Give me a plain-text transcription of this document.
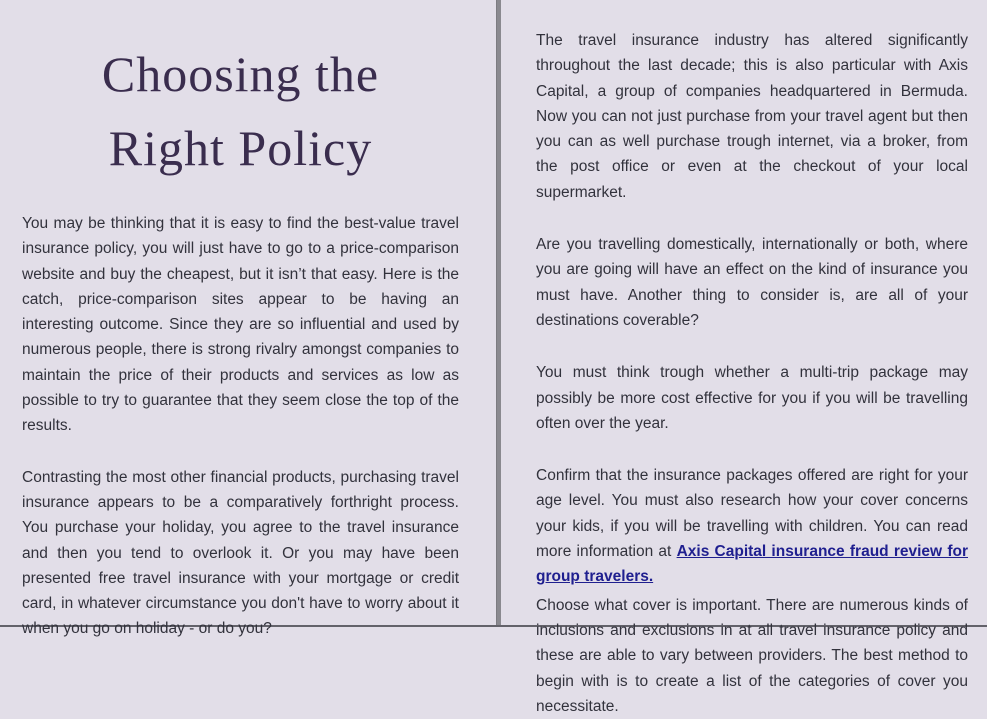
Choosing the
Right Policy

You may be thinking that it is easy to find the best-value travel insurance policy, you will just have to go to a price-comparison website and buy the cheapest, but it isn’t that easy. Here is the catch, price-comparison sites appear to be having an interesting outcome. Since they are so influential and used by numerous people, there is strong rivalry amongst companies to maintain the price of their products and services as low as possible to try to guarantee that they seem close the top of the results.

Contrasting the most other financial products, purchasing travel insurance appears to be a comparatively forthright process. You purchase your holiday, you agree to the travel insurance and then you tend to overlook it. Or you may have been presented free travel insurance with your mortgage or credit card, in whatever circumstance you don't have to worry about it when you go on holiday - or do you?

The travel insurance industry has altered significantly throughout the last decade; this is also particular with Axis Capital, a group of companies headquartered in Bermuda. Now you can not just purchase from your travel agent but then you can as well purchase trough internet, via a broker, from the post office or even at the checkout of your local supermarket.

Are you travelling domestically, internationally or both, where you are going will have an effect on the kind of insurance you must have. Another thing to consider is, are all of your destinations coverable?

You must think trough whether a multi-trip package may possibly be more cost effective for you if you will be travelling often over the year.

Confirm that the insurance packages offered are right for your age level. You must also research how your cover concerns your kids, if you will be travelling with children. You can read more information at Axis Capital insurance fraud review for group travelers.

Choose what cover is important. There are numerous kinds of inclusions and exclusions in at all travel insurance policy and these are able to vary between providers. The best method to begin with is to create a list of the categories of cover you necessitate.
